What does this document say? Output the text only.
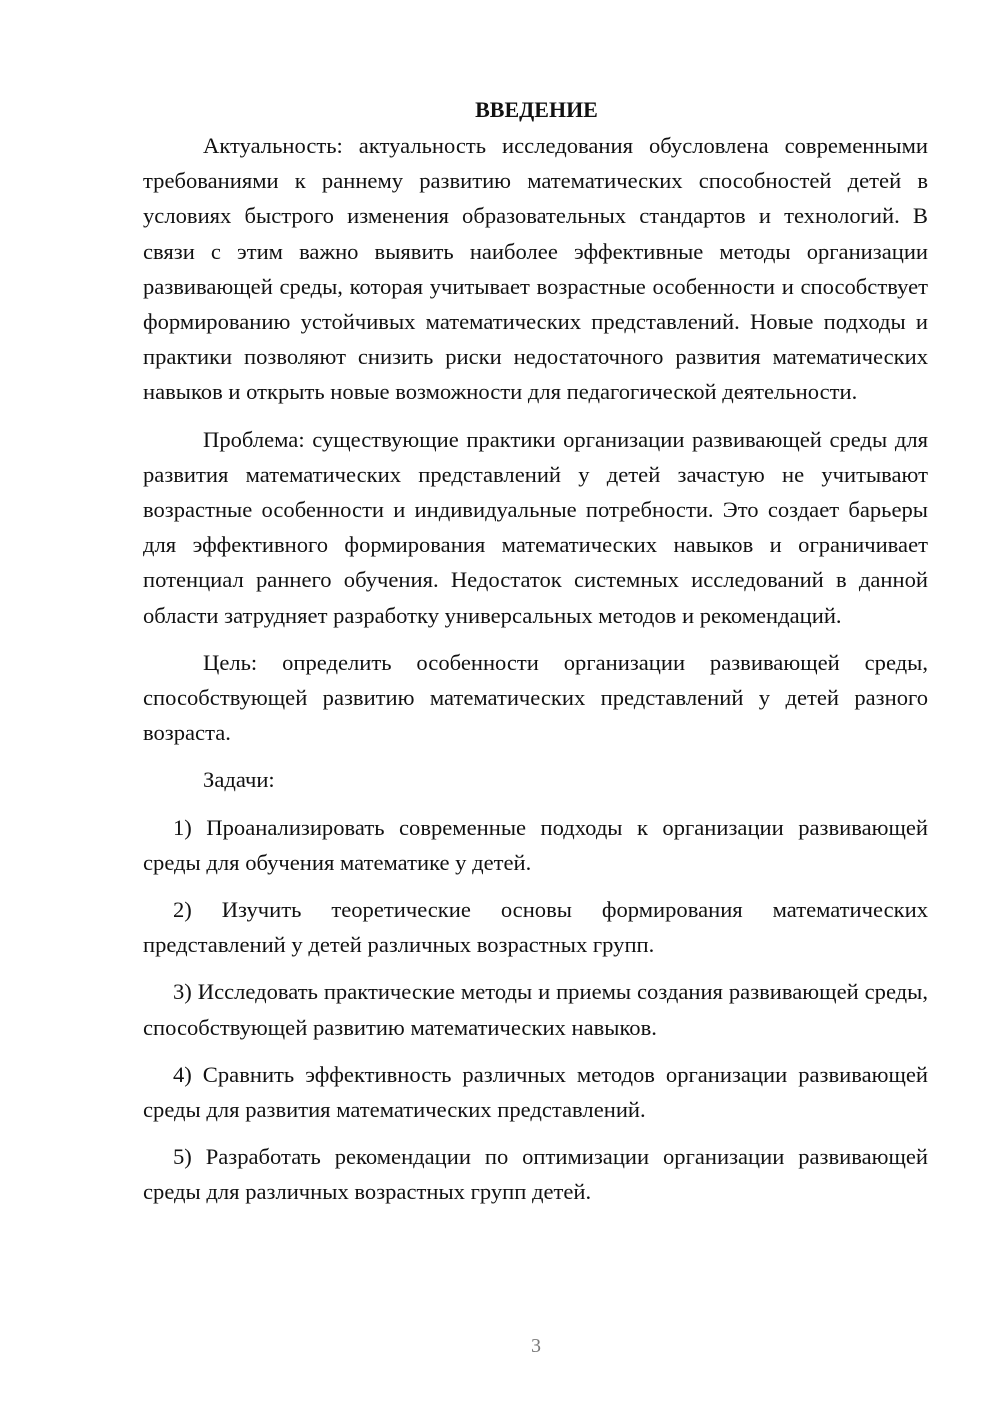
ВВЕДЕНИЕ

Актуальность: актуальность исследования обусловлена современными требованиями к раннему развитию математических способностей детей в условиях быстрого изменения образовательных стандартов и технологий. В связи с этим важно выявить наиболее эффективные методы организации развивающей среды, которая учитывает возрастные особенности и способствует формированию устойчивых математических представлений. Новые подходы и практики позволяют снизить риски недостаточного развития математических навыков и открыть новые возможности для педагогической деятельности.

Проблема: существующие практики организации развивающей среды для развития математических представлений у детей зачастую не учитывают возрастные особенности и индивидуальные потребности. Это создает барьеры для эффективного формирования математических навыков и ограничивает потенциал раннего обучения. Недостаток системных исследований в данной области затрудняет разработку универсальных методов и рекомендаций.

Цель: определить особенности организации развивающей среды, способствующей развитию математических представлений у детей разного возраста.

Задачи:

1) Проанализировать современные подходы к организации развивающей среды для обучения математике у детей.

2) Изучить теоретические основы формирования математических представлений у детей различных возрастных групп.

3) Исследовать практические методы и приемы создания развивающей среды, способствующей развитию математических навыков.

4) Сравнить эффективность различных методов организации развивающей среды для развития математических представлений.

5) Разработать рекомендации по оптимизации организации развивающей среды для различных возрастных групп детей.

3
